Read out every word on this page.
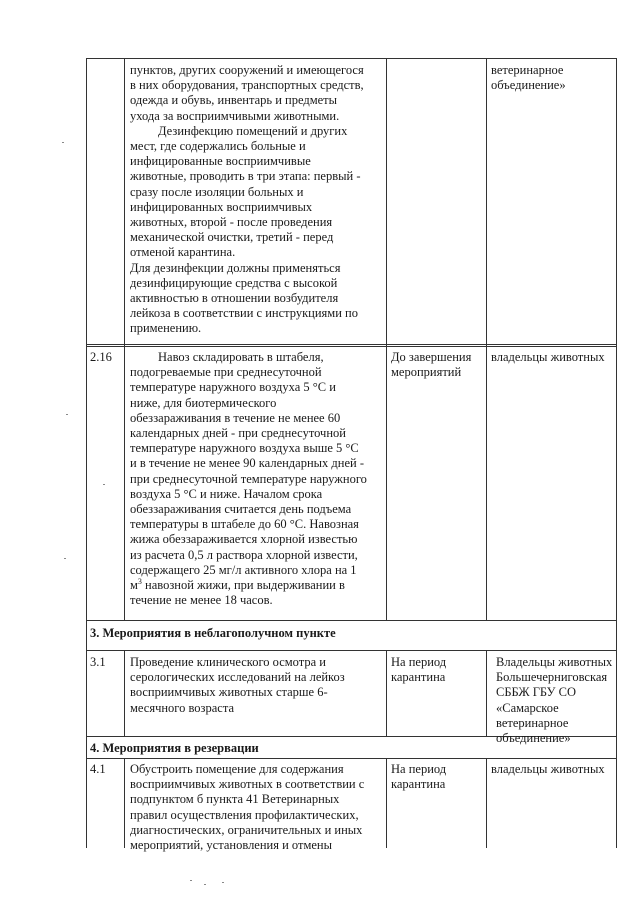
пунктов, других сооружений и имеющегося

в них оборудования, транспортных средств,

одежда и обувь, инвентарь и предметы

ухода за восприимчивыми животными.

Дезинфекцию помещений и других

мест, где содержались больные и

инфицированные восприимчивые

животные, проводить в три этапа: первый -

сразу после изоляции больных и

инфицированных восприимчивых

животных, второй - после проведения

механической очистки, третий - перед

отменой карантина.

Для дезинфекции должны применяться

дезинфицирующие средства с высокой

активностью в отношении возбудителя

лейкоза в соответствии с инструкциями по

применению.

ветеринарное

объединение»

2.16	Навоз складировать в штабеля,

подогреваемые при среднесуточной

температуре наружного воздуха 5 °С и

ниже, для биотермического

обеззараживания в течение не менее 60

календарных дней - при среднесуточной

температуре наружного воздуха выше 5 °С

и в течение не менее 90 календарных дней -

при среднесуточной температуре наружного

воздуха 5 °С и ниже. Началом срока

обеззараживания считается день подъема

температуры в штабеле до 60 °С. Навозная

жижа обеззараживается хлорной известью

из расчета 0,5 л раствора хлорной извести,

содержащего 25 мг/л активного хлора на 1

$м^3$ навозной жижи, при выдерживании в

течение не менее 18 часов.

До завершения

мероприятий

владельцы животных
3. Мероприятия в неблагополучном пункте
3.1 Проведение клинического осмотра и

серологических исследований на лейкоз

восприимчивых животных старше 6-

месячного возраста

На период

карантина

Владельцы животных

Большечерниговская

СББЖ ГБУ СО

«Самарское

ветеринарное

объединение»

4. Мероприятия в резервации
4.1 Обустроить помещение для содержания

восприимчивых животных в соответствии с

подпунктом б пункта 41 Ветеринарных

правил осуществления профилактических,

диагностических, ограничительных и иных

мероприятий, установления и отмены

На период

карантина

владельцы животных
